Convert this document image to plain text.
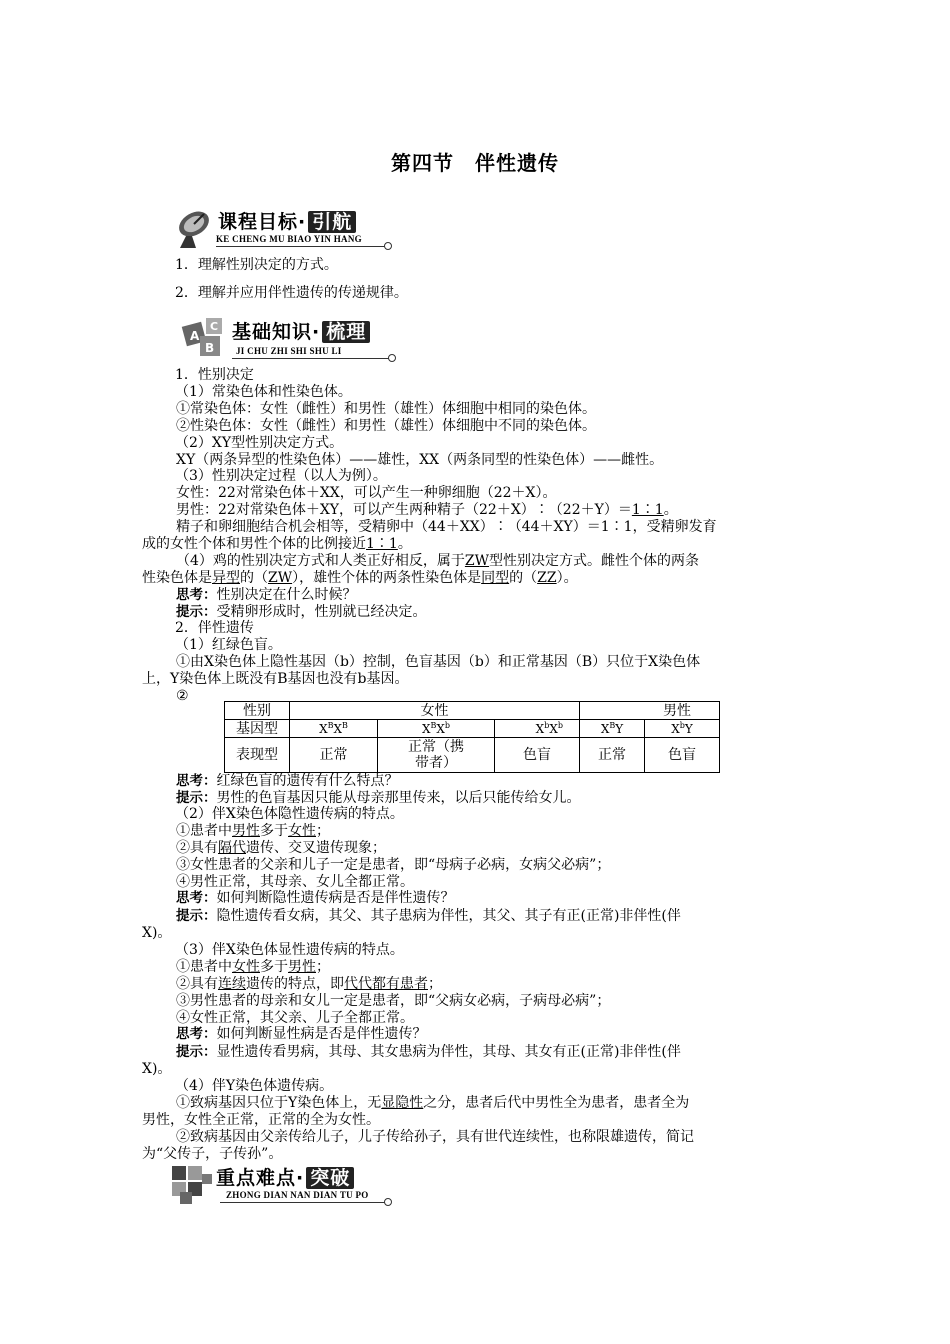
第四节　伴性遗传
课程目标· 引航
KE CHENG MU BIAO YIN HANG
1．理解性别决定的方式。
2．理解并应用伴性遗传的传递规律。
A
B
C 基础知识· 梳理
JI CHU ZHI SHI SHU LI
1．性别决定
（1）常染色体和性染色体。
①常染色体：女性（雌性）和男性（雄性）体细胞中相同的染色体。
②性染色体：女性（雌性）和男性（雄性）体细胞中不同的染色体。
（2）XY型性别决定方式。
XY（两条异型的性染色体）——雄性，XX（两条同型的性染色体）——雌性。
（3）性别决定过程（以人为例）。
女性：22对常染色体＋XX，可以产生一种卵细胞（22＋X）。
男性：22对常染色体＋XY，可以产生两种精子（22＋X）∶（22＋Y）＝1∶1。
精子和卵细胞结合机会相等，受精卵中（44＋XX）∶（44＋XY）＝1∶1，受精卵发育
成的女性个体和男性个体的比例接近1∶1。
（4）鸡的性别决定方式和人类正好相反，属于ZW型性别决定方式。雌性个体的两条
性染色体是异型的（ZW），雄性个体的两条性染色体是同型的（ZZ）。
思考：性别决定在什么时候？
提示：受精卵形成时，性别就已经决定。
2．伴性遗传
（1）红绿色盲。
①由X染色体上隐性基因（b）控制，色盲基因（b）和正常基因（B）只位于X染色体
上，Y染色体上既没有B基因也没有b基因。
②
性别	女性			男性	
基因型	$X^BX^B$	$X^BX^b$	$X^bX^b$	$X^BY$	$X^bY$
表现型	正常	正常（携
带者）	色盲	正常	色盲
思考：红绿色盲的遗传有什么特点？
提示：男性的色盲基因只能从母亲那里传来，以后只能传给女儿。
（2）伴X染色体隐性遗传病的特点。
①患者中男性多于女性；
②具有隔代遗传、交叉遗传现象；
③女性患者的父亲和儿子一定是患者，即“母病子必病，女病父必病”；
④男性正常，其母亲、女儿全都正常。
思考：如何判断隐性遗传病是否是伴性遗传？
提示：隐性遗传看女病，其父、其子患病为伴性，其父、其子有正(正常)非伴性(伴
X)。
（3）伴X染色体显性遗传病的特点。
①患者中女性多于男性；
②具有连续遗传的特点，即代代都有患者；
③男性患者的母亲和女儿一定是患者，即“父病女必病，子病母必病”；
④女性正常，其父亲、儿子全都正常。
思考：如何判断显性病是否是伴性遗传？
提示：显性遗传看男病，其母、其女患病为伴性，其母、其女有正(正常)非伴性(伴
X)。
（4）伴Y染色体遗传病。
①致病基因只位于Y染色体上，无显隐性之分，患者后代中男性全为患者，患者全为
男性，女性全正常，正常的全为女性。
②致病基因由父亲传给儿子，儿子传给孙子，具有世代连续性，也称限雄遗传，简记
为“父传子，子传孙”。
重点难点· 突破
ZHONG DIAN NAN DIAN TU PO
